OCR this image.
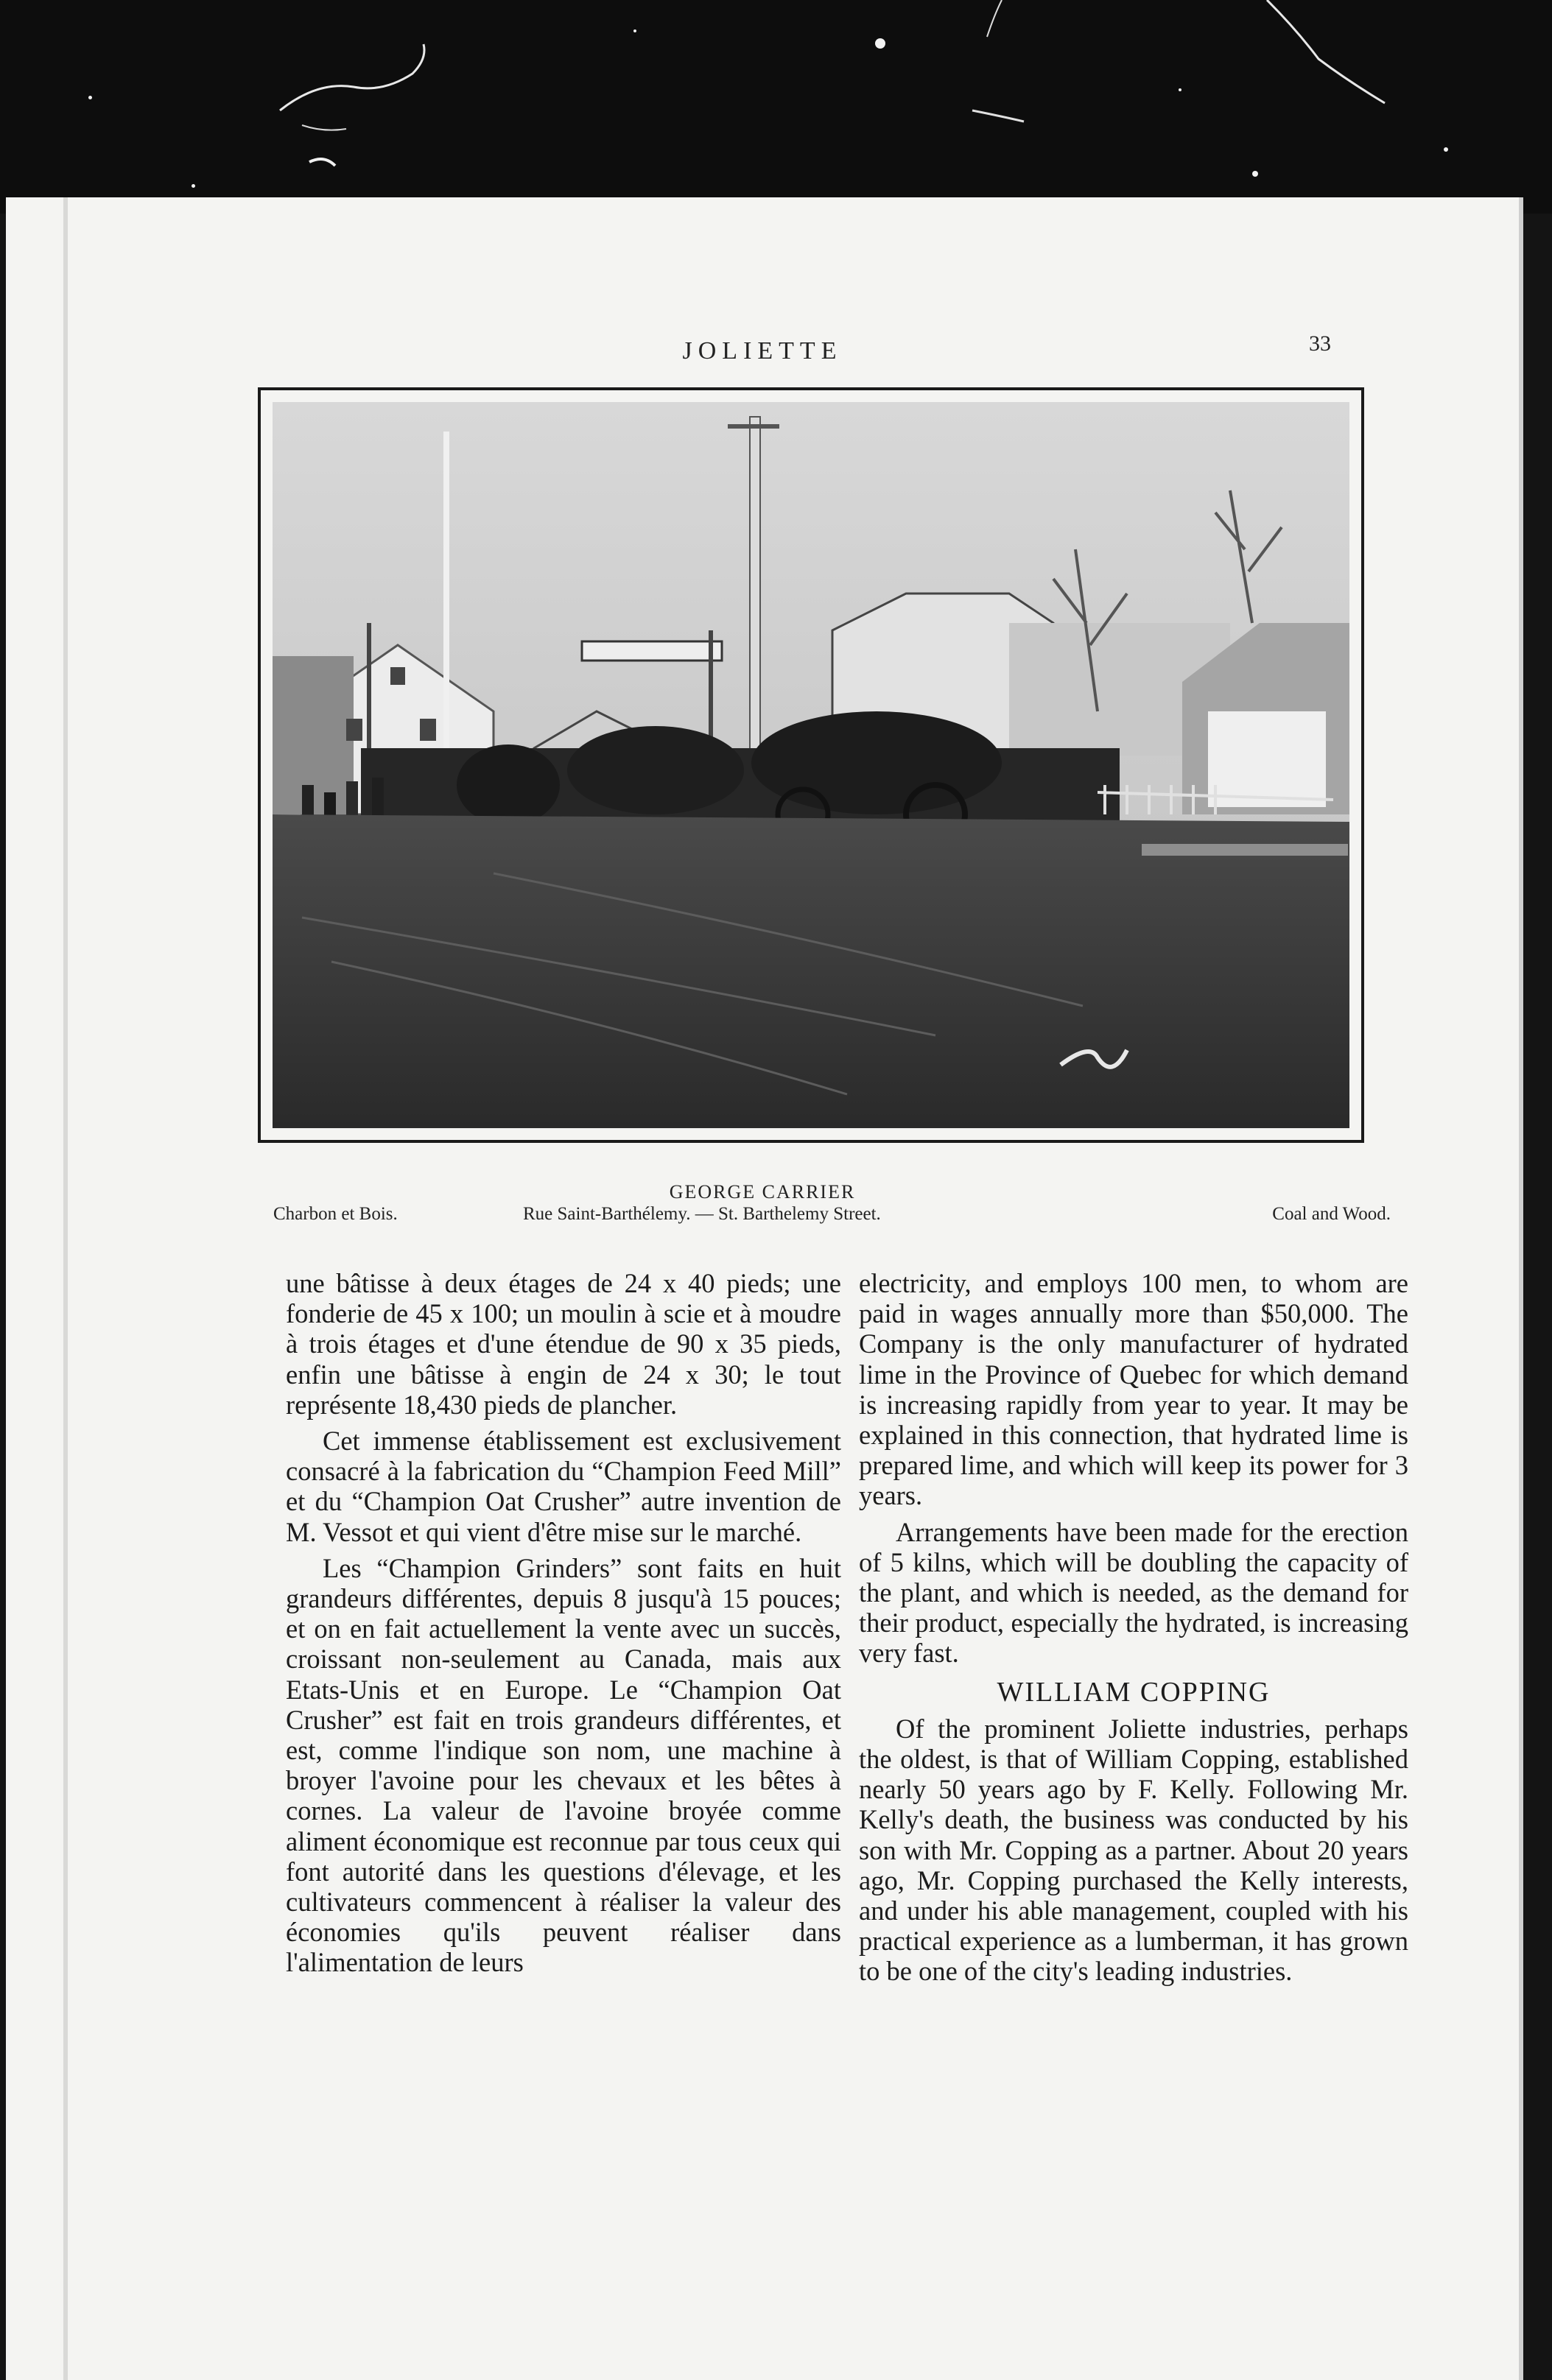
JOLIETTE	33
GEORGE CARRIER
Charbon et Bois.	Rue Saint-Barthélemy. — St. Barthelemy Street.	Coal and Wood.

une bâtisse à deux étages de 24 x 40 pieds; une fonderie de 45 x 100; un moulin à scie et à moudre à trois étages et d'une étendue de 90 x 35 pieds, enfin une bâtisse à engin de 24 x 30; le tout représente 18,430 pieds de plancher.

Cet immense établissement est exclusivement consacré à la fabrication du “Champion Feed Mill” et du “Champion Oat Crusher” autre invention de M. Vessot et qui vient d'être mise sur le marché.

Les “Champion Grinders” sont faits en huit grandeurs différentes, depuis 8 jusqu'à 15 pouces; et on en fait actuellement la vente avec un succès, croissant non-seulement au Canada, mais aux Etats-Unis et en Europe. Le “Champion Oat Crusher” est fait en trois grandeurs différentes, et est, comme l'indique son nom, une machine à broyer l'avoine pour les chevaux et les bêtes à cornes. La valeur de l'avoine broyée comme aliment économique est reconnue par tous ceux qui font autorité dans les questions d'élevage, et les cultivateurs commencent à réaliser la valeur des économies qu'ils peuvent réaliser dans l'alimentation de leurs

electricity, and employs 100 men, to whom are paid in wages annually more than $50,000. The Company is the only manufacturer of hydrated lime in the Province of Quebec for which demand is increasing rapidly from year to year. It may be explained in this connection, that hydrated lime is prepared lime, and which will keep its power for 3 years.

Arrangements have been made for the erection of 5 kilns, which will be doubling the capacity of the plant, and which is needed, as the demand for their product, especially the hydrated, is increasing very fast.

WILLIAM COPPING

Of the prominent Joliette industries, perhaps the oldest, is that of William Copping, established nearly 50 years ago by F. Kelly. Following Mr. Kelly's death, the business was conducted by his son with Mr. Copping as a partner. About 20 years ago, Mr. Copping purchased the Kelly interests, and under his able management, coupled with his practical experience as a lumberman, it has grown to be one of the city's leading industries.
